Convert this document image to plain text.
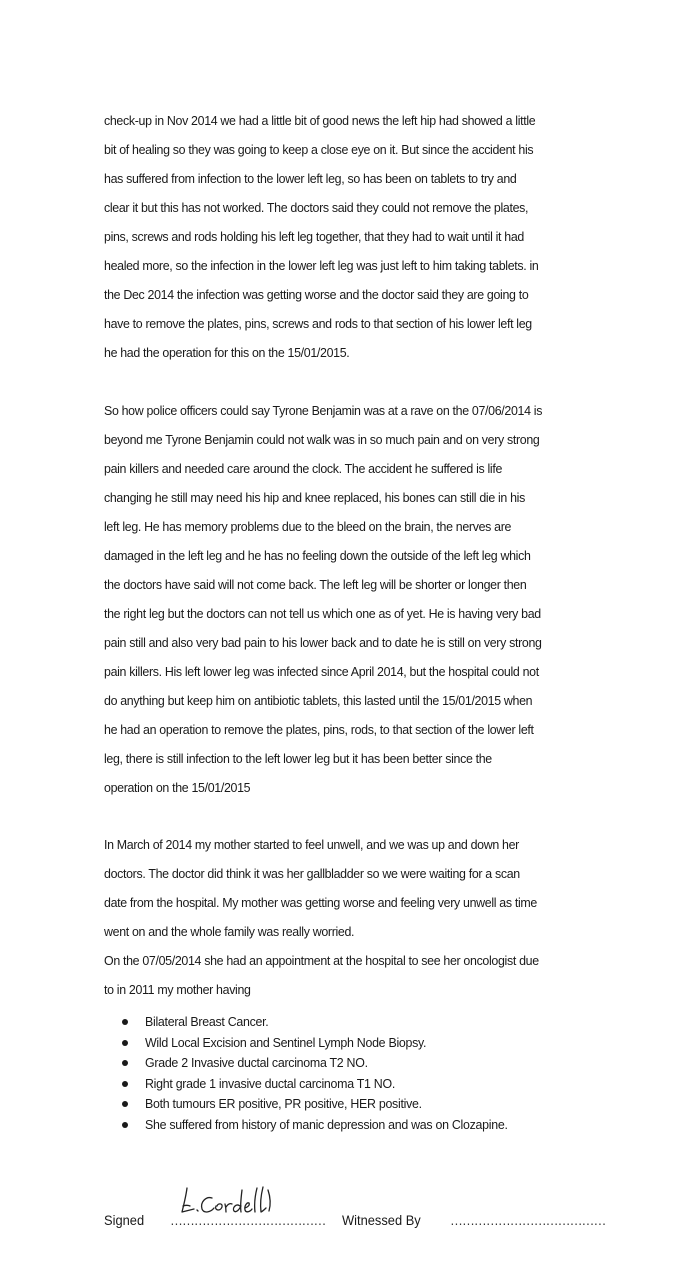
check-up in Nov 2014 we had a little bit of good news the left hip had showed a little
bit of healing so they was going to keep a close eye on it. But since the accident his
has suffered from infection to the lower left leg, so has been on tablets to try and
clear it but this has not worked. The doctors said they could not remove the plates,
pins, screws and rods holding his left leg together, that they had to wait until it had
healed more, so the infection in the lower left leg was just left to him taking tablets. in
the Dec 2014 the infection was getting worse and the doctor said they are going to
have to remove the plates, pins, screws and rods to that section of his lower left leg
he had the operation for this on the 15/01/2015.
So how police officers could say Tyrone Benjamin was at a rave on the 07/06/2014 is
beyond me Tyrone Benjamin could not walk was in so much pain and on very strong
pain killers and needed care around the clock. The accident he suffered is life
changing he still may need his hip and knee replaced, his bones can still die in his
left leg. He has memory problems due to the bleed on the brain, the nerves are
damaged in the left leg and he has no feeling down the outside of the left leg which
the doctors have said will not come back. The left leg will be shorter or longer then
the right leg but the doctors can not tell us which one as of yet. He is having very bad
pain still and also very bad pain to his lower back and to date he is still on very strong
pain killers. His left lower leg was infected since April 2014, but the hospital could not
do anything but keep him on antibiotic tablets, this lasted until the 15/01/2015 when
he had an operation to remove the plates, pins, rods, to that section of the lower left
leg, there is still infection to the left lower leg but it has been better since the
operation on the 15/01/2015
In March of 2014 my mother started to feel unwell, and we was up and down her
doctors. The doctor did think it was her gallbladder so we were waiting for a scan
date from the hospital. My mother was getting worse and feeling very unwell as time
went on and the whole family was really worried.
On the 07/05/2014 she had an appointment at the hospital to see her oncologist due
to in 2011 my mother having
Bilateral Breast Cancer.
Wild Local Excision and Sentinel Lymph Node Biopsy.
Grade 2 Invasive ductal carcinoma T2 NO.
Right grade 1 invasive ductal carcinoma T1 NO.
Both tumours ER positive, PR positive, HER positive.
She suffered from history of manic depression and was on Clozapine.
Signed ………………………………… Witnessed By …………………………………
